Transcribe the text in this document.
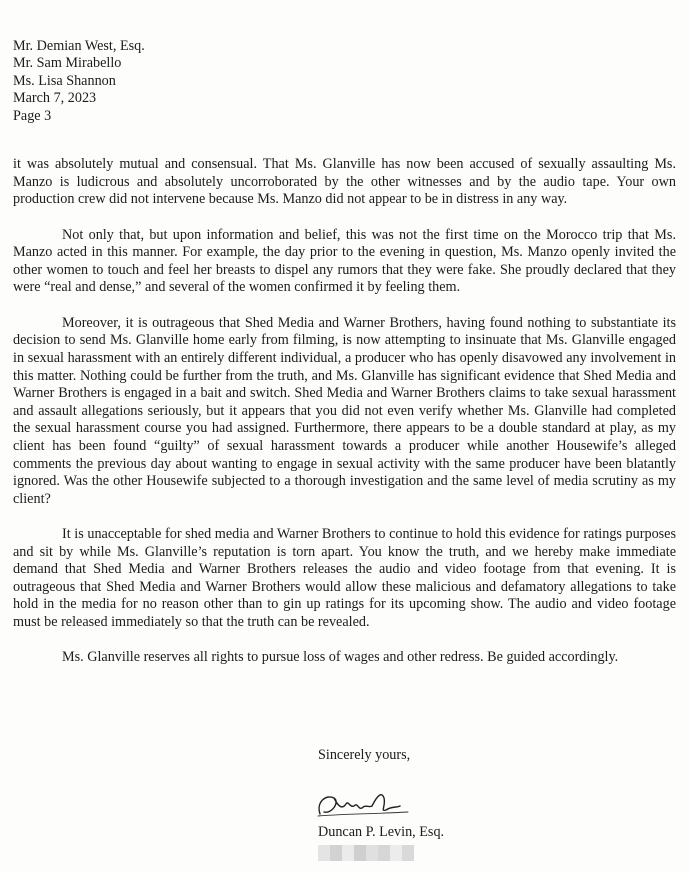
Mr. Demian West, Esq.
Mr. Sam Mirabello
Ms. Lisa Shannon
March 7, 2023
Page 3

it was absolutely mutual and consensual. That Ms. Glanville has now been accused of sexually assaulting Ms. Manzo is ludicrous and absolutely uncorroborated by the other witnesses and by the audio tape. Your own production crew did not intervene because Ms. Manzo did not appear to be in distress in any way.

Not only that, but upon information and belief, this was not the first time on the Morocco trip that Ms. Manzo acted in this manner. For example, the day prior to the evening in question, Ms. Manzo openly invited the other women to touch and feel her breasts to dispel any rumors that they were fake. She proudly declared that they were “real and dense,” and several of the women confirmed it by feeling them.

Moreover, it is outrageous that Shed Media and Warner Brothers, having found nothing to substantiate its decision to send Ms. Glanville home early from filming, is now attempting to insinuate that Ms. Glanville engaged in sexual harassment with an entirely different individual, a producer who has openly disavowed any involvement in this matter. Nothing could be further from the truth, and Ms. Glanville has significant evidence that Shed Media and Warner Brothers is engaged in a bait and switch. Shed Media and Warner Brothers claims to take sexual harassment and assault allegations seriously, but it appears that you did not even verify whether Ms. Glanville had completed the sexual harassment course you had assigned. Furthermore, there appears to be a double standard at play, as my client has been found “guilty” of sexual harassment towards a producer while another Housewife’s alleged comments the previous day about wanting to engage in sexual activity with the same producer have been blatantly ignored. Was the other Housewife subjected to a thorough investigation and the same level of media scrutiny as my client?

It is unacceptable for shed media and Warner Brothers to continue to hold this evidence for ratings purposes and sit by while Ms. Glanville’s reputation is torn apart. You know the truth, and we hereby make immediate demand that Shed Media and Warner Brothers releases the audio and video footage from that evening. It is outrageous that Shed Media and Warner Brothers would allow these malicious and defamatory allegations to take hold in the media for no reason other than to gin up ratings for its upcoming show. The audio and video footage must be released immediately so that the truth can be revealed.

Ms. Glanville reserves all rights to pursue loss of wages and other redress. Be guided accordingly.

Sincerely yours,
Duncan P. Levin, Esq.
